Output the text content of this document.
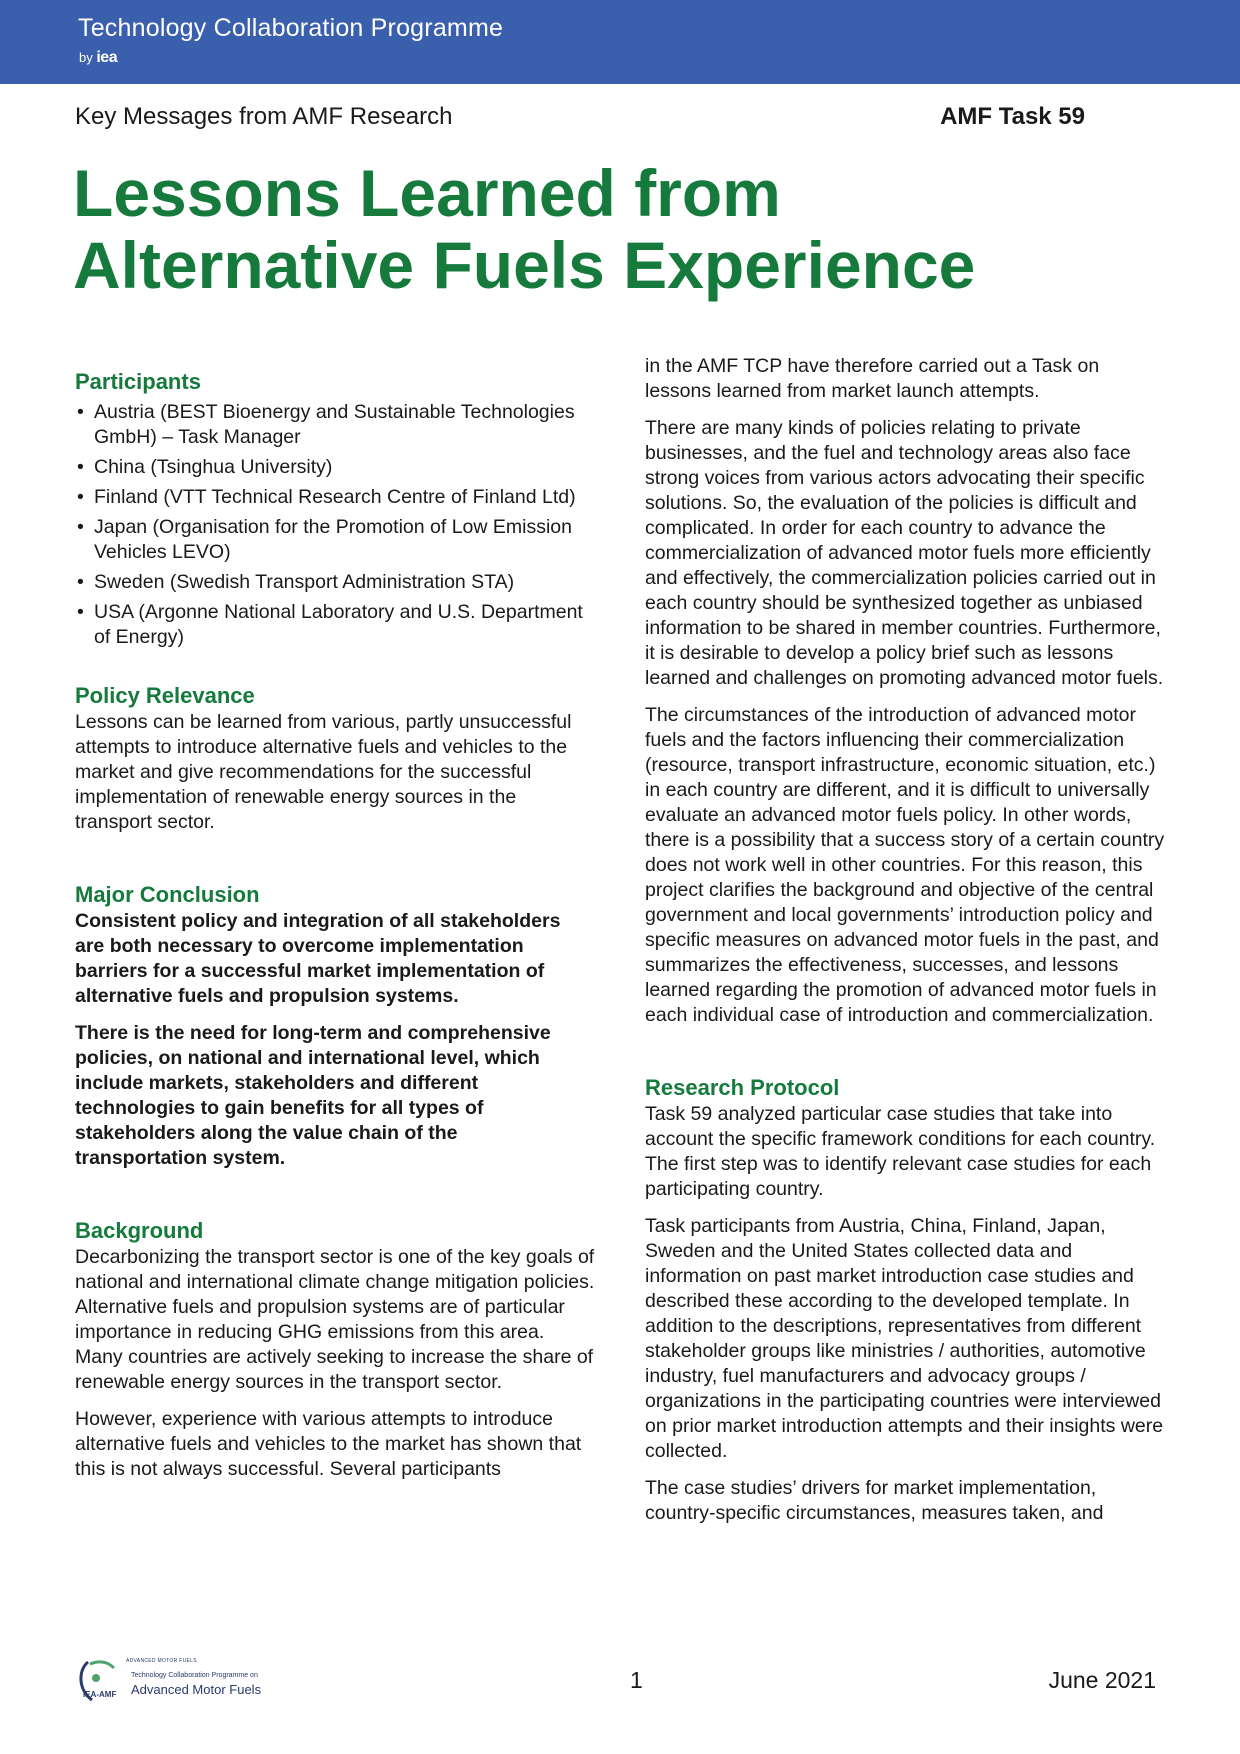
Technology Collaboration Programme
by iea
Key Messages from AMF Research	AMF Task 59
Lessons Learned from
Alternative Fuels Experience
Participants
• Austria (BEST Bioenergy and Sustainable Technologies GmbH) – Task Manager
• China (Tsinghua University)
• Finland (VTT Technical Research Centre of Finland Ltd)
• Japan (Organisation for the Promotion of Low Emission Vehicles LEVO)
• Sweden (Swedish Transport Administration STA)
• USA (Argonne National Laboratory and U.S. Department of Energy)
Policy Relevance

Lessons can be learned from various, partly unsuccessful attempts to introduce alternative fuels and vehicles to the market and give recommendations for the successful implementation of renewable energy sources in the transport sector.

Major Conclusion

Consistent policy and integration of all stakeholders are both necessary to overcome implementation barriers for a successful market implementation of alternative fuels and propulsion systems.

There is the need for long-term and comprehensive policies, on national and international level, which include markets, stakeholders and different technologies to gain benefits for all types of stakeholders along the value chain of the transportation system.

Background

Decarbonizing the transport sector is one of the key goals of national and international climate change mitigation policies. Alternative fuels and propulsion systems are of particular importance in reducing GHG emissions from this area. Many countries are actively seeking to increase the share of renewable energy sources in the transport sector.

However, experience with various attempts to introduce alternative fuels and vehicles to the market has shown that this is not always successful. Several participants

in the AMF TCP have therefore carried out a Task on lessons learned from market launch attempts.

There are many kinds of policies relating to private businesses, and the fuel and technology areas also face strong voices from various actors advocating their specific solutions. So, the evaluation of the policies is difficult and complicated. In order for each country to advance the commercialization of advanced motor fuels more efficiently and effectively, the commercialization policies carried out in each country should be synthesized together as unbiased information to be shared in member countries. Furthermore, it is desirable to develop a policy brief such as lessons learned and challenges on promoting advanced motor fuels.

The circumstances of the introduction of advanced motor fuels and the factors influencing their commercialization (resource, transport infrastructure, economic situation, etc.) in each country are different, and it is difficult to universally evaluate an advanced motor fuels policy. In other words, there is a possibility that a success story of a certain country does not work well in other countries. For this reason, this project clarifies the background and objective of the central government and local governments’ introduction policy and specific measures on advanced motor fuels in the past, and summarizes the effectiveness, successes, and lessons learned regarding the promotion of advanced motor fuels in each individual case of introduction and commercialization.

Research Protocol

Task 59 analyzed particular case studies that take into account the specific framework conditions for each country. The first step was to identify relevant case studies for each participating country.

Task participants from Austria, China, Finland, Japan, Sweden and the United States collected data and information on past market introduction case studies and described these according to the developed template. In addition to the descriptions, representatives from different stakeholder groups like ministries / authorities, automotive industry, fuel manufacturers and advocacy groups / organizations in the participating countries were interviewed on prior market introduction attempts and their insights were collected.

The case studies’ drivers for market implementation, country-specific circumstances, measures taken, and

ADVANCED MOTOR FUELS
Technology Collaboration Programme on
Advanced Motor Fuels
IEA-AMF
1	June 2021
